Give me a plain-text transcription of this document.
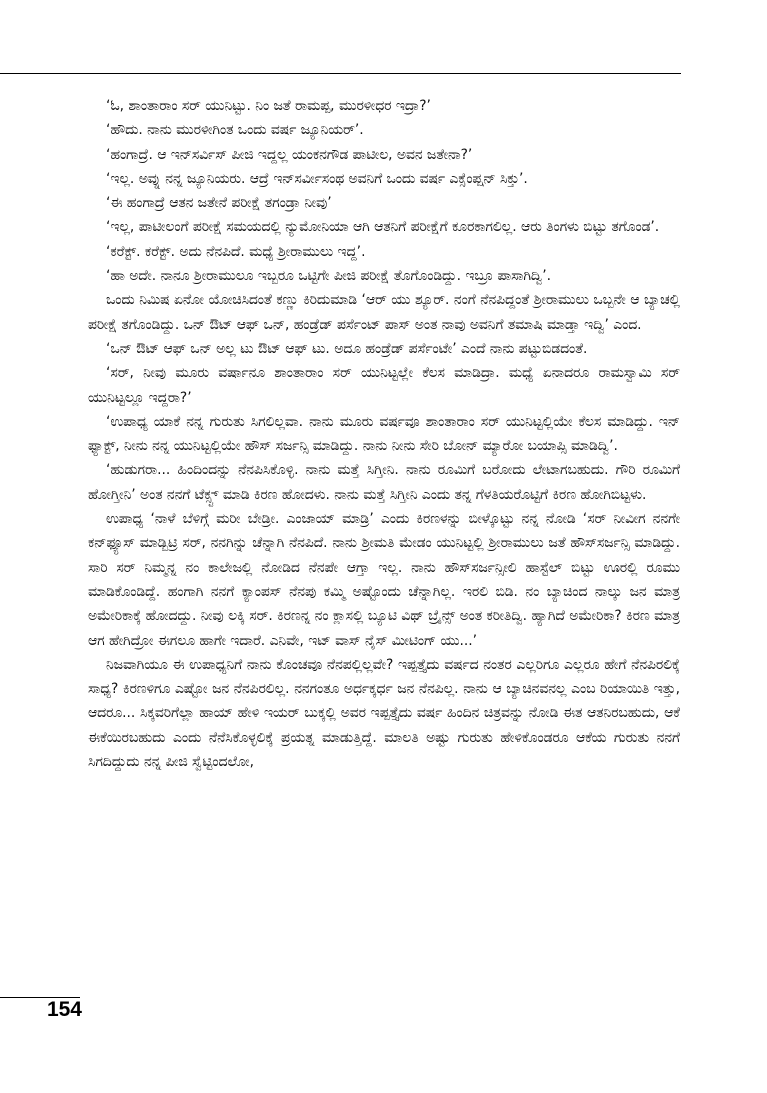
‘ಓ, ಶಾಂತಾರಾಂ ಸರ್ ಯುನಿಟ್ಟು. ನಿಂ ಜತೆ ರಾಮಪ್ಪ, ಮುರಳೀಧರ ಇದ್ರಾ?’

‘ಹೌದು. ನಾನು ಮುರಳೀಗಿಂತ ಒಂದು ವರ್ಷ ಜ್ಯೂನಿಯರ್’.

‘ಹಂಗಾದ್ರೆ. ಆ ಇನ್‌ಸರ್ವಿಸ್ ಪೀಜಿ ಇದ್ದಲ್ಲ ಯಂಕನಗೌಡ ಪಾಟೀಲ, ಅವನ ಜತೇನಾ?’

‘ಇಲ್ಲ. ಅವ್ನು ನನ್ನ ಜ್ಯೂನಿಯರು. ಆದ್ರೆ ಇನ್‌ಸರ್ವೀಸಂಥ ಅವನಿಗೆ ಒಂದು ವರ್ಷ ಎಕ್ಸೆಂಪ್ಷನ್ ಸಿಕ್ತು’.

‘ಈ ಹಂಗಾದ್ರೆ ಆತನ ಜತೇನೆ ಪರೀಕ್ಷೆ ತಗಂಡ್ರಾ ನೀವು’

‘ಇಲ್ಲ, ಪಾಟೀಲಂಗೆ ಪರೀಕ್ಷೆ ಸಮಯದಲ್ಲಿ ನ್ಯುಮೋನಿಯಾ ಆಗಿ ಆತನಿಗೆ ಪರೀಕ್ಷೆಗೆ ಕೂರಕಾಗಲಿಲ್ಲ. ಆರು ತಿಂಗಳು ಬಿಟ್ಟು ತಗೊಂಡ’.

‘ಕರೆಕ್ಟ್. ಕರೆಕ್ಟ್. ಅದು ನೆನಪಿದೆ. ಮಧ್ಯೆ ಶ್ರೀರಾಮುಲು ಇದ್ದ’.

‘ಹಾ ಅದೇ. ನಾನೂ ಶ್ರೀರಾಮುಲೂ ಇಬ್ಬರೂ ಒಟ್ಟಿಗೇ ಪೀಜಿ ಪರೀಕ್ಷೆ ತೊಗೊಂಡಿದ್ದು. ಇಬ್ರೂ ಪಾಸಾಗಿದ್ವಿ’.

ಒಂದು ನಿಮಿಷ ಏನೋ ಯೋಚಿಸಿದಂತೆ ಕಣ್ಣು ಕಿರಿದುಮಾಡಿ ‘ಆರ್ ಯು ಶ್ಯೂರ್. ನಂಗೆ ನೆನಪಿದ್ದಂತೆ ಶ್ರೀರಾಮುಲು ಒಬ್ಬನೇ ಆ ಬ್ಯಾಚಲ್ಲಿ ಪರೀಕ್ಷೆ ತಗೊಂಡಿದ್ದು. ಒನ್ ಔಟ್ ಆಫ್ ಒನ್, ಹಂಡ್ರೆಡ್ ಪರ್ಸೆಂಟ್ ಪಾಸ್ ಅಂತ ನಾವು ಅವನಿಗೆ ತಮಾಷಿ ಮಾಡ್ತಾ ಇದ್ವಿ’ ಎಂದ.

‘ಒನ್ ಔಟ್ ಆಫ್ ಒನ್ ಅಲ್ಲ ಟು ಔಟ್ ಆಫ್ ಟು. ಅದೂ ಹಂಡ್ರೆಡ್ ಪರ್ಸೆಂಟೇ’ ಎಂದೆ ನಾನು ಪಟ್ಟುಬಿಡದಂತೆ.

‘ಸರ್, ನೀವು ಮೂರು ವರ್ಷಾನೂ ಶಾಂತಾರಾಂ ಸರ್ ಯುನಿಟ್ಟಲ್ಲೇ ಕೆಲಸ ಮಾಡಿದ್ರಾ. ಮಧ್ಯೆ ಏನಾದರೂ ರಾಮಸ್ವಾಮಿ ಸರ್ ಯುನಿಟ್ಟಲ್ಲೂ ಇದ್ದರಾ?’

‘ಉಪಾಧ್ಯ ಯಾಕೆ ನನ್ನ ಗುರುತು ಸಿಗಲಿಲ್ಲವಾ. ನಾನು ಮೂರು ವರ್ಷವೂ ಶಾಂತಾರಾಂ ಸರ್ ಯುನಿಟ್ಟಲ್ಲಿಯೇ ಕೆಲಸ ಮಾಡಿದ್ದು. ಇನ್ ಫ್ಯಾಕ್ಟ್, ನೀನು ನನ್ನ ಯುನಿಟ್ಟಲ್ಲಿಯೇ ಹೌಸ್ ಸರ್ಜನ್ಸಿ ಮಾಡಿದ್ದು. ನಾನು ನೀನು ಸೇರಿ ಬೋನ್ ಮ್ಯಾರೋ ಬಯಾಪ್ಸಿ ಮಾಡಿದ್ವಿ’.

‘ಹುಡುಗರಾ... ಹಿಂದಿಂದನ್ನು ನೆನಪಿಸಿಕೊಳ್ಳಿ. ನಾನು ಮತ್ತೆ ಸಿಗ್ತೀನಿ. ನಾನು ರೂಮಿಗೆ ಬರೋದು ಲೇಟಾಗಬಹುದು. ಗೌರಿ ರೂಮಿಗೆ ಹೋಗ್ತೀನಿ’ ಅಂತ ನನಗೆ ಟೆಕ್ಸ್ಟ್ ಮಾಡಿ ಕಿರಣ ಹೋದಳು. ನಾನು ಮತ್ತೆ ಸಿಗ್ತೀನಿ ಎಂದು ತನ್ನ ಗೆಳತಿಯರೊಟ್ಟಿಗೆ ಕಿರಣ ಹೋಗಿಬಿಟ್ಟಳು.

ಉಪಾಧ್ಯ ‘ನಾಳೆ ಬೆಳಿಗ್ಗೆ ಮರೀ ಬೇಡ್ರೀ. ಎಂಜಾಯ್ ಮಾಡ್ರಿ’ ಎಂದು ಕಿರಣಳನ್ನು ಬೀಳ್ಕೊಟ್ಟು ನನ್ನ ನೋಡಿ ‘ಸರ್ ನೀವೀಗ ನನಗೇ ಕನ್‌ಫ್ಯೂಸ್ ಮಾಡ್ಬಿಟ್ರಿ ಸರ್, ನನಗಿನ್ನು ಚೆನ್ನಾಗಿ ನೆನಪಿದೆ. ನಾನು ಶ್ರೀಮತಿ ಮೇಡಂ ಯುನಿಟ್ಟಲ್ಲಿ ಶ್ರೀರಾಮುಲು ಜತೆ ಹೌಸ್‌ಸರ್ಜನ್ಸಿ ಮಾಡಿದ್ದು. ಸಾರಿ ಸರ್ ನಿಮ್ಮನ್ನ ನಂ ಕಾಲೇಜಲ್ಲಿ ನೋಡಿದ ನೆನಪೇ ಆಗ್ತಾ ಇಲ್ಲ. ನಾನು ಹೌಸ್‌ಸರ್ಜನ್ಸೀಲಿ ಹಾಸ್ಟೆಲ್ ಬಿಟ್ಟು ಊರಲ್ಲಿ ರೂಮು ಮಾಡಿಕೊಂಡಿದ್ದೆ. ಹಂಗಾಗಿ ನನಗೆ ಕ್ಯಾಂಪಸ್ ನೆನಪು ಕಮ್ಮಿ ಅಷ್ಟೊಂದು ಚೆನ್ನಾಗಿಲ್ಲ. ಇರಲಿ ಬಿಡಿ. ನಂ ಬ್ಯಾಚಿಂದ ನಾಲ್ಕು ಜನ ಮಾತ್ರ ಅಮೇರಿಕಾಕ್ಕೆ ಹೋದದ್ದು. ನೀವು ಲಕ್ಕಿ ಸರ್. ಕಿರಣನ್ನ ನಂ ಕ್ಲಾಸಲ್ಲಿ ಬ್ಯೂಟಿ ವಿಥ್ ಬ್ರೈನ್ಸ್ ಅಂತ ಕರೀತಿದ್ವಿ. ಹ್ಯಾಗಿದೆ ಅಮೇರಿಕಾ? ಕಿರಣ ಮಾತ್ರ ಆಗ ಹೇಗಿದ್ರೋ ಈಗಲೂ ಹಾಗೇ ಇದಾರೆ. ಎನಿವೇ, ಇಟ್ ವಾಸ್ ನೈಸ್ ಮೀಟಿಂಗ್ ಯು...’

ನಿಜವಾಗಿಯೂ ಈ ಉಪಾಧ್ಯನಿಗೆ ನಾನು ಕೊಂಚವೂ ನೆನಪಲ್ಲಿಲ್ಲವೇ? ಇಪ್ಪತ್ತೈದು ವರ್ಷದ ನಂತರ ಎಲ್ಲರಿಗೂ ಎಲ್ಲರೂ ಹೇಗೆ ನೆನಪಿರಲಿಕ್ಕೆ ಸಾಧ್ಯ? ಕಿರಣಳಿಗೂ ಎಷ್ಟೋ ಜನ ನೆನಪಿರಲಿಲ್ಲ. ನನಗಂತೂ ಅರ್ಧಕ್ಕರ್ಧ ಜನ ನೆನಪಿಲ್ಲ. ನಾನು ಆ ಬ್ಯಾಚಿನವನಲ್ಲ ಎಂಬ ರಿಯಾಯಿತಿ ಇತ್ತು, ಆದರೂ... ಸಿಕ್ಕವರಿಗೆಲ್ಲಾ ಹಾಯ್ ಹೇಳಿ ಇಯರ್ ಬುಕ್ಕಲ್ಲಿ ಅವರ ಇಪ್ಪತ್ತೈದು ವರ್ಷ ಹಿಂದಿನ ಚಿತ್ರವನ್ನು ನೋಡಿ ಈತ ಆತನಿರಬಹುದು, ಆಕೆ ಈಕೆಯಿರಬಹುದು ಎಂದು ನೆನೆಸಿಕೊಳ್ಳಲಿಕ್ಕೆ ಪ್ರಯತ್ನ ಮಾಡುತ್ತಿದ್ದೆ. ಮಾಲತಿ ಅಷ್ಟು ಗುರುತು ಹೇಳಿಕೊಂಡರೂ ಆಕೆಯ ಗುರುತು ನನಗೆ ಸಿಗದಿದ್ದುದು ನನ್ನ ಪೀಜಿ ಸ್ವೆಟ್ಟಿಂದಲೋ,

154
